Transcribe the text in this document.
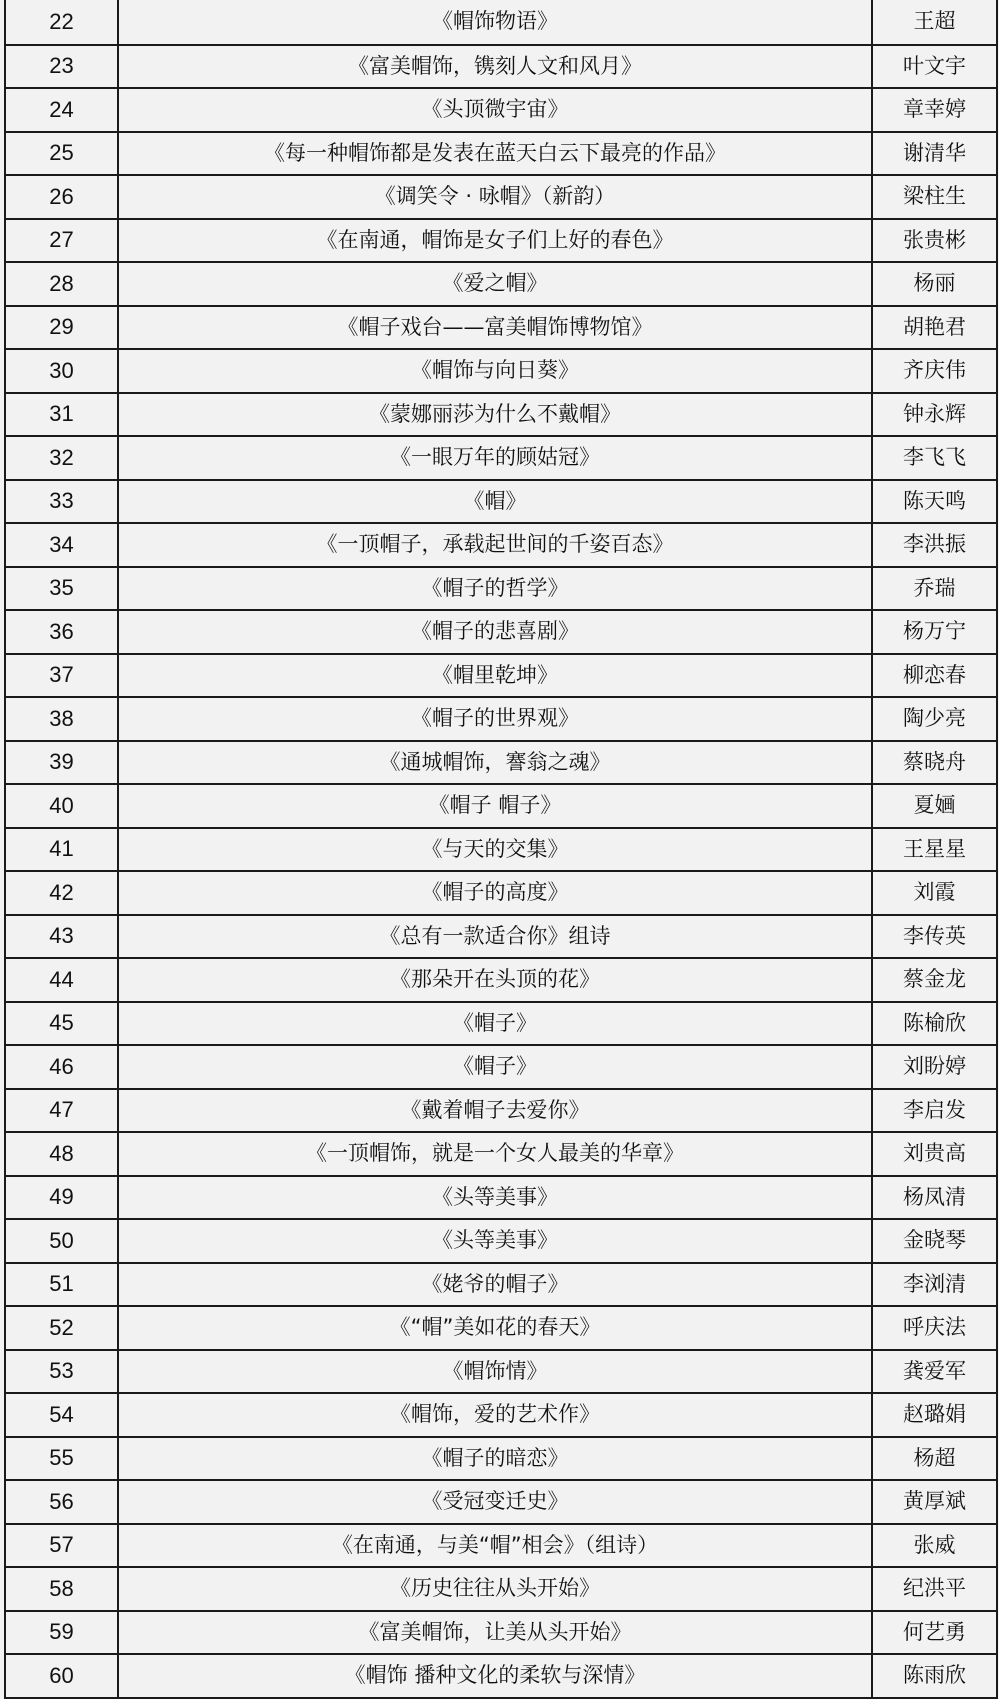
22	《帽饰物语》	王超
23	《富美帽饰，镌刻人文和风月》	叶文宇
24	《头顶微宇宙》	章幸婷
25	《每一种帽饰都是发表在蓝天白云下最亮的作品》	谢清华
26	《调笑令 · 咏帽》（新韵）	梁柱生
27	《在南通，帽饰是女子们上好的春色》	张贵彬
28	《爱之帽》	杨丽
29	《帽子戏台——富美帽饰博物馆》	胡艳君
30	《帽饰与向日葵》	齐庆伟
31	《蒙娜丽莎为什么不戴帽》	钟永辉
32	《一眼万年的顾姑冠》	李飞飞
33	《帽》	陈天鸣
34	《一顶帽子，承载起世间的千姿百态》	李洪振
35	《帽子的哲学》	乔瑞
36	《帽子的悲喜剧》	杨万宁
37	《帽里乾坤》	柳恋春
38	《帽子的世界观》	陶少亮
39	《通城帽饰，謇翁之魂》	蔡晓舟
40	《帽子 帽子》	夏婳
41	《与天的交集》	王星星
42	《帽子的高度》	刘霞
43	《总有一款适合你》组诗	李传英
44	《那朵开在头顶的花》	蔡金龙
45	《帽子》	陈榆欣
46	《帽子》	刘盼婷
47	《戴着帽子去爱你》	李启发
48	《一顶帽饰，就是一个女人最美的华章》	刘贵高
49	《头等美事》	杨凤清
50	《头等美事》	金晓琴
51	《姥爷的帽子》	李浏清
52	《“帽”美如花的春天》	呼庆法
53	《帽饰情》	龚爱军
54	《帽饰，爱的艺术作》	赵璐娟
55	《帽子的暗恋》	杨超
56	《受冠变迁史》	黄厚斌
57	《在南通，与美“帽”相会》（组诗）	张威
58	《历史往往从头开始》	纪洪平
59	《富美帽饰，让美从头开始》	何艺勇
60	《帽饰 播种文化的柔软与深情》	陈雨欣
